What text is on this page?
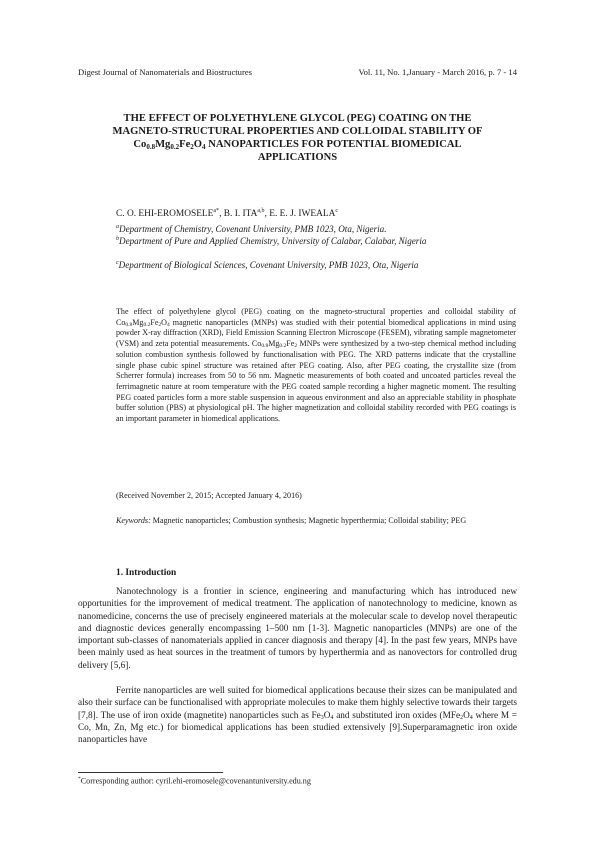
Digest Journal of Nanomaterials and Biostructures	Vol. 11, No. 1,January - March 2016, p. 7 - 14
THE EFFECT OF POLYETHYLENE GLYCOL (PEG) COATING ON THE
MAGNETO-STRUCTURAL PROPERTIES AND COLLOIDAL STABILITY OF
$Co_{0.8}Mg_{0.2}Fe_2O_4$ NANOPARTICLES FOR POTENTIAL BIOMEDICAL
APPLICATIONS
C. O. EHI-$EROMOSELE^{a*}$, B. I. ITA$^{a,b}$, E. E. J. IWEALA$^c$
$^a$Department of Chemistry, Covenant University, PMB 1023, Ota, Nigeria.
$^b$Department of Pure and Applied Chemistry, University of Calabar, Calabar, Nigeria
$^c$Department of Biological Sciences, Covenant University, PMB 1023, Ota, Nigeria
The effect of polyethylene glycol (PEG) coating on the magneto-structural properties and colloidal stability of $Co_{0.8}Mg_{0.2}Fe_2O_4$ magnetic nanoparticles (MNPs) was studied with their potential biomedical applications in mind using powder X-ray diffraction (XRD), Field Emission Scanning Electron Microscope (FESEM), vibrating sample magnetometer (VSM) and zeta potential measurements. $Co_{0.8}Mg_{0.2}Fe_2$ MNPs were synthesized by a two-step chemical method including solution combustion synthesis followed by functionalisation with PEG. The XRD patterns indicate that the crystalline single phase cubic spinel structure was retained after PEG coating. Also, after PEG coating, the crystallite size (from Scherrer formula) increases from 50 to 56 nm. Magnetic measurements of both coated and uncoated particles reveal the ferrimagnetic nature at room temperature with the PEG coated sample recording a higher magnetic moment. The resulting PEG coated particles form a more stable suspension in aqueous environment and also an appreciable stability in phosphate buffer solution (PBS) at physiological pH. The higher magnetization and colloidal stability recorded with PEG coatings is an important parameter in biomedical applications.
(Received November 2, 2015; Accepted January 4, 2016)
Keywords: Magnetic nanoparticles; Combustion synthesis; Magnetic hyperthermia; Colloidal stability; PEG
1. Introduction
Nanotechnology is a frontier in science, engineering and manufacturing which has introduced new opportunities for the improvement of medical treatment. The application of nanotechnology to medicine, known as nanomedicine, concerns the use of precisely engineered materials at the molecular scale to develop novel therapeutic and diagnostic devices generally encompassing 1–500 nm [1-3]. Magnetic nanoparticles (MNPs) are one of the important sub-classes of nanomaterials applied in cancer diagnosis and therapy [4]. In the past few years, MNPs have been mainly used as heat sources in the treatment of tumors by hyperthermia and as nanovectors for controlled drug delivery [5,6].
Ferrite nanoparticles are well suited for biomedical applications because their sizes can be manipulated and also their surface can be functionalised with appropriate molecules to make them highly selective towards their targets [7,8]. The use of iron oxide (magnetite) nanoparticles such as $Fe_3O_4$ and substituted iron oxides ($MFe_2O_4$ where M = Co, Mn, Zn, Mg etc.) for biomedical applications has been studied extensively [9].Superparamagnetic iron oxide nanoparticles have
*Corresponding author: cyril.ehi-eromosele@covenantuniversity.edu.ng
